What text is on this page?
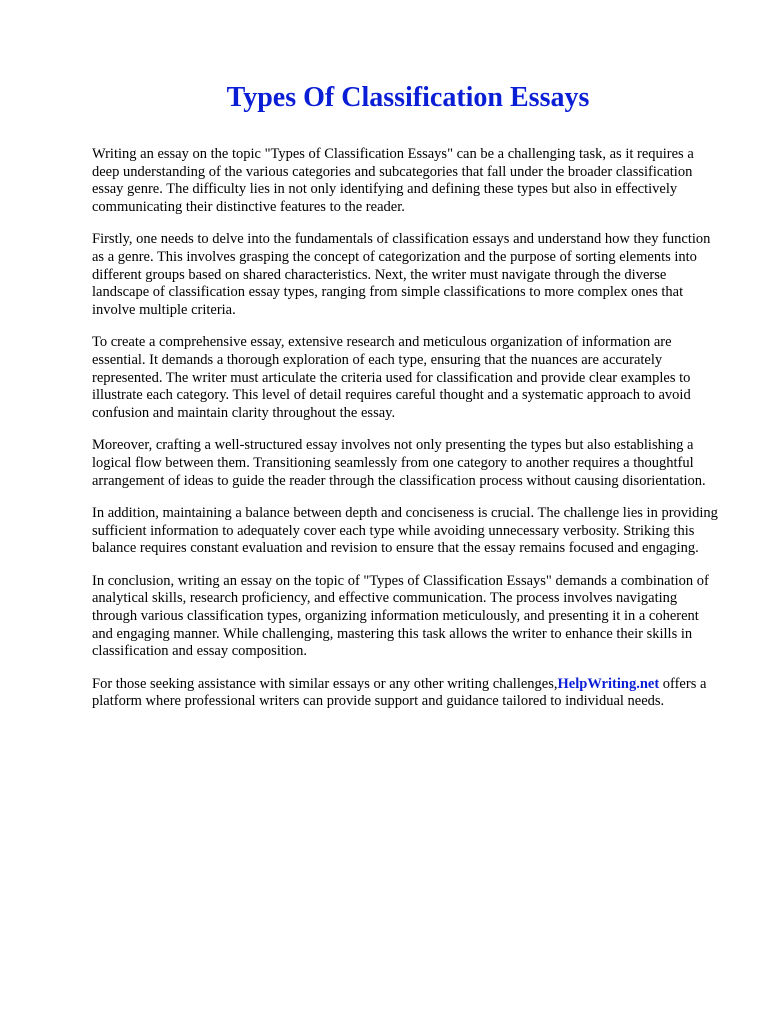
Types Of Classification Essays

Writing an essay on the topic "Types of Classification Essays" can be a challenging task, as it requires a deep understanding of the various categories and subcategories that fall under the broader classification essay genre. The difficulty lies in not only identifying and defining these types but also in effectively communicating their distinctive features to the reader.

Firstly, one needs to delve into the fundamentals of classification essays and understand how they function as a genre. This involves grasping the concept of categorization and the purpose of sorting elements into different groups based on shared characteristics. Next, the writer must navigate through the diverse landscape of classification essay types, ranging from simple classifications to more complex ones that involve multiple criteria.

To create a comprehensive essay, extensive research and meticulous organization of information are essential. It demands a thorough exploration of each type, ensuring that the nuances are accurately represented. The writer must articulate the criteria used for classification and provide clear examples to illustrate each category. This level of detail requires careful thought and a systematic approach to avoid confusion and maintain clarity throughout the essay.

Moreover, crafting a well-structured essay involves not only presenting the types but also establishing a logical flow between them. Transitioning seamlessly from one category to another requires a thoughtful arrangement of ideas to guide the reader through the classification process without causing disorientation.

In addition, maintaining a balance between depth and conciseness is crucial. The challenge lies in providing sufficient information to adequately cover each type while avoiding unnecessary verbosity. Striking this balance requires constant evaluation and revision to ensure that the essay remains focused and engaging.

In conclusion, writing an essay on the topic of "Types of Classification Essays" demands a combination of analytical skills, research proficiency, and effective communication. The process involves navigating through various classification types, organizing information meticulously, and presenting it in a coherent and engaging manner. While challenging, mastering this task allows the writer to enhance their skills in classification and essay composition.

For those seeking assistance with similar essays or any other writing challenges,HelpWriting.net offers a platform where professional writers can provide support and guidance tailored to individual needs.
